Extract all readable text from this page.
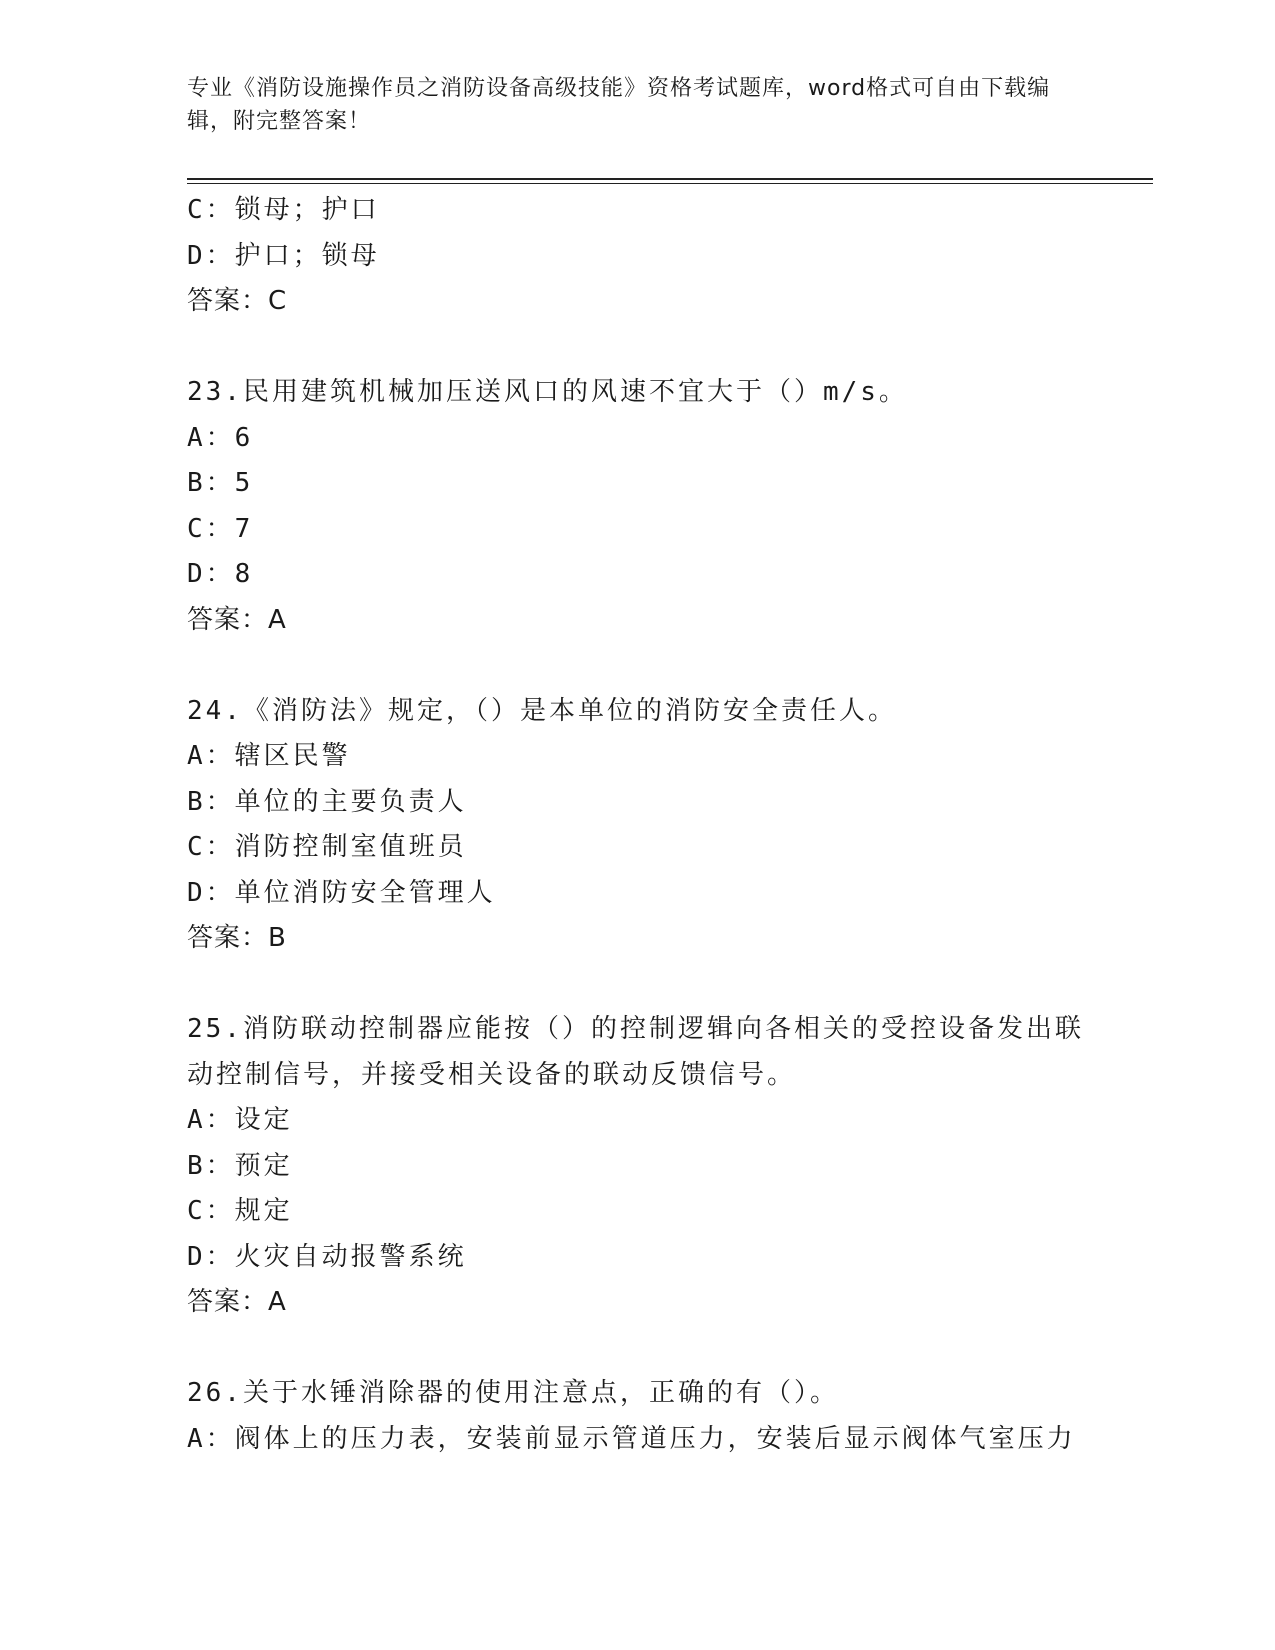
专业《消防设施操作员之消防设备高级技能》资格考试题库，word格式可自由下载编辑，附完整答案！
C：锁母；护口
D：护口；锁母
答案：C
23.民用建筑机械加压送风口的风速不宜大于（）m/s。
A：6
B：5
C：7
D：8
答案：A
24.《消防法》规定，（）是本单位的消防安全责任人。
A：辖区民警
B：单位的主要负责人
C：消防控制室值班员
D：单位消防安全管理人
答案：B
25.消防联动控制器应能按（）的控制逻辑向各相关的受控设备发出联动控制信号，并接受相关设备的联动反馈信号。
A：设定
B：预定
C：规定
D：火灾自动报警系统
答案：A
26.关于水锤消除器的使用注意点，正确的有（）。
A：阀体上的压力表，安装前显示管道压力，安装后显示阀体气室压力
